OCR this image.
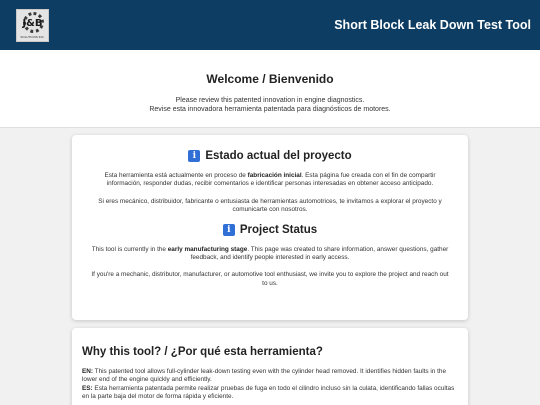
J&B
SOLUTIONS INC.
Short Block Leak Down Test Tool
Welcome / Bienvenido

Please review this patented innovation in engine diagnostics.

Revise esta innovadora herramienta patentada para diagnósticos de motores.

i Estado actual del proyecto

Esta herramienta está actualmente en proceso de fabricación inicial. Esta página fue creada con el fin de compartir información, responder dudas, recibir comentarios e identificar personas interesadas en obtener acceso anticipado.

Si eres mecánico, distribuidor, fabricante o entusiasta de herramientas automotrices, te invitamos a explorar el proyecto y comunicarte con nosotros.

i Project Status

This tool is currently in the early manufacturing stage. This page was created to share information, answer questions, gather feedback, and identify people interested in early access.

If you're a mechanic, distributor, manufacturer, or automotive tool enthusiast, we invite you to explore the project and reach out to us.

Why this tool? / ¿Por qué esta herramienta?

EN: This patented tool allows full-cylinder leak-down testing even with the cylinder head removed. It identifies hidden faults in the lower end of the engine quickly and efficiently.

ES: Esta herramienta patentada permite realizar pruebas de fuga en todo el cilindro incluso sin la culata, identificando fallas ocultas en la parte baja del motor de forma rápida y eficiente.
